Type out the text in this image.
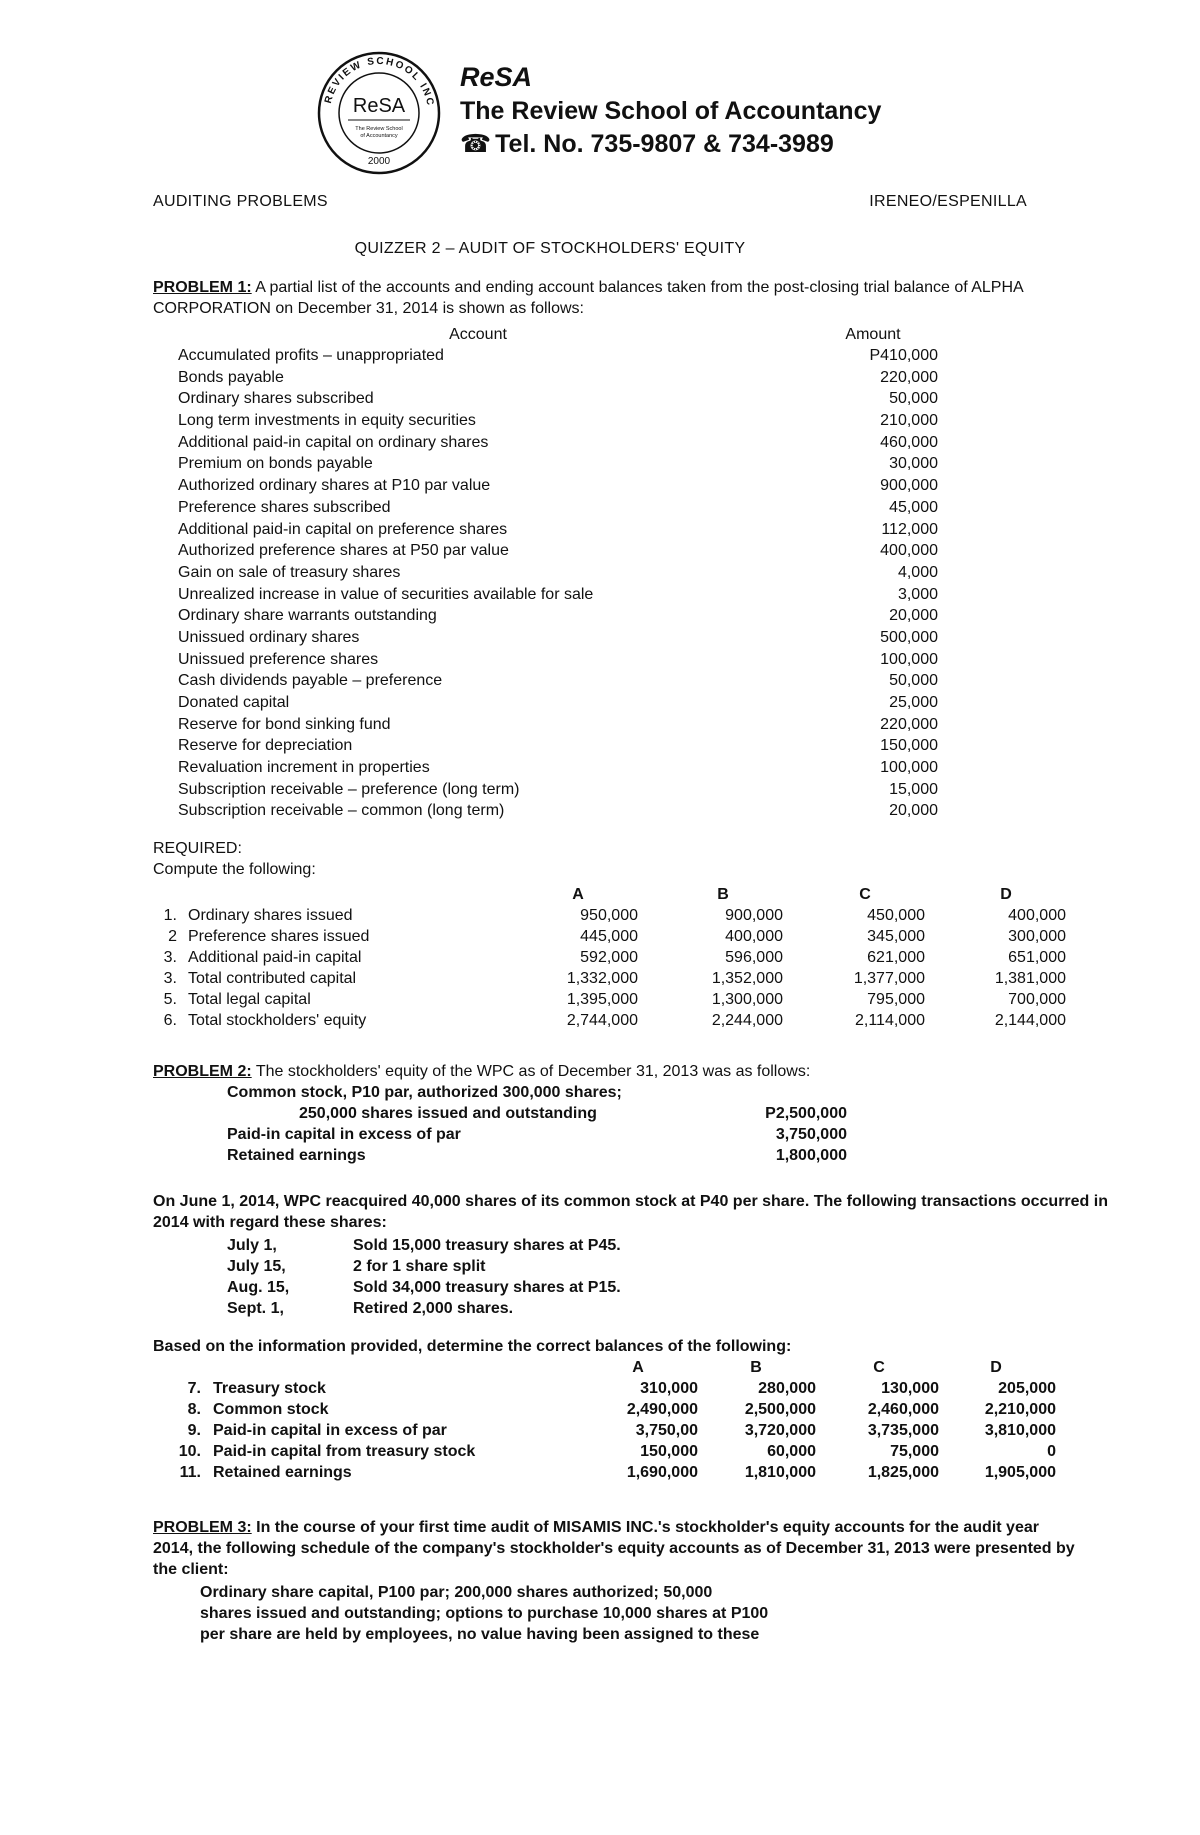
REVIEW SCHOOL INC
ReSA
The Review School
of Accountancy
2000
ReSA
The Review School of Accountancy
☎ Tel. No. 735-9807 & 734-3989
AUDITING PROBLEMS	IRENEO/ESPENILLA
QUIZZER 2 – AUDIT OF STOCKHOLDERS' EQUITY
PROBLEM 1: A partial list of the accounts and ending account balances taken from the post-closing trial balance of ALPHA CORPORATION on December 31, 2014 is shown as follows:
Account	Amount
Accumulated profits – unappropriated	P410,000
Bonds payable	220,000
Ordinary shares subscribed	50,000
Long term investments in equity securities	210,000
Additional paid-in capital on ordinary shares	460,000
Premium on bonds payable	30,000
Authorized ordinary shares at P10 par value	900,000
Preference shares subscribed	45,000
Additional paid-in capital on preference shares	112,000
Authorized preference shares at P50 par value	400,000
Gain on sale of treasury shares	4,000
Unrealized increase in value of securities available for sale	3,000
Ordinary share warrants outstanding	20,000
Unissued ordinary shares	500,000
Unissued preference shares	100,000
Cash dividends payable – preference	50,000
Donated capital	25,000
Reserve for bond sinking fund	220,000
Reserve for depreciation	150,000
Revaluation increment in properties	100,000
Subscription receivable – preference (long term)	15,000
Subscription receivable – common (long term)	20,000
REQUIRED:
Compute the following:
A	B	C	D
1. Ordinary shares issued	950,000	900,000	450,000	400,000
2 Preference shares issued	445,000	400,000	345,000	300,000
3. Additional paid-in capital	592,000	596,000	621,000	651,000
3. Total contributed capital	1,332,000	1,352,000	1,377,000	1,381,000
5. Total legal capital	1,395,000	1,300,000	795,000	700,000
6. Total stockholders' equity	2,744,000	2,244,000	2,114,000	2,144,000
PROBLEM 2: The stockholders' equity of the WPC as of December 31, 2013 was as follows:
Common stock, P10 par, authorized 300,000 shares;
250,000 shares issued and outstanding	P2,500,000
Paid-in capital in excess of par	3,750,000
Retained earnings	1,800,000
On June 1, 2014, WPC reacquired 40,000 shares of its common stock at P40 per share. The following transactions occurred in 2014 with regard these shares:
July 1,	Sold 15,000 treasury shares at P45.
July 15,	2 for 1 share split
Aug. 15,	Sold 34,000 treasury shares at P15.
Sept. 1,	Retired 2,000 shares.
Based on the information provided, determine the correct balances of the following:
A	B	C	D
7. Treasury stock	310,000	280,000	130,000	205,000
8. Common stock	2,490,000	2,500,000	2,460,000	2,210,000
9. Paid-in capital in excess of par	3,750,00	3,720,000	3,735,000	3,810,000
10. Paid-in capital from treasury stock	150,000	60,000	75,000	0
11. Retained earnings	1,690,000	1,810,000	1,825,000	1,905,000
PROBLEM 3: In the course of your first time audit of MISAMIS INC.'s stockholder's equity accounts for the audit year 2014, the following schedule of the company's stockholder's equity accounts as of December 31, 2013 were presented by the client:
Ordinary share capital, P100 par; 200,000 shares authorized; 50,000
shares issued and outstanding; options to purchase 10,000 shares at P100
per share are held by employees, no value having been assigned to these
